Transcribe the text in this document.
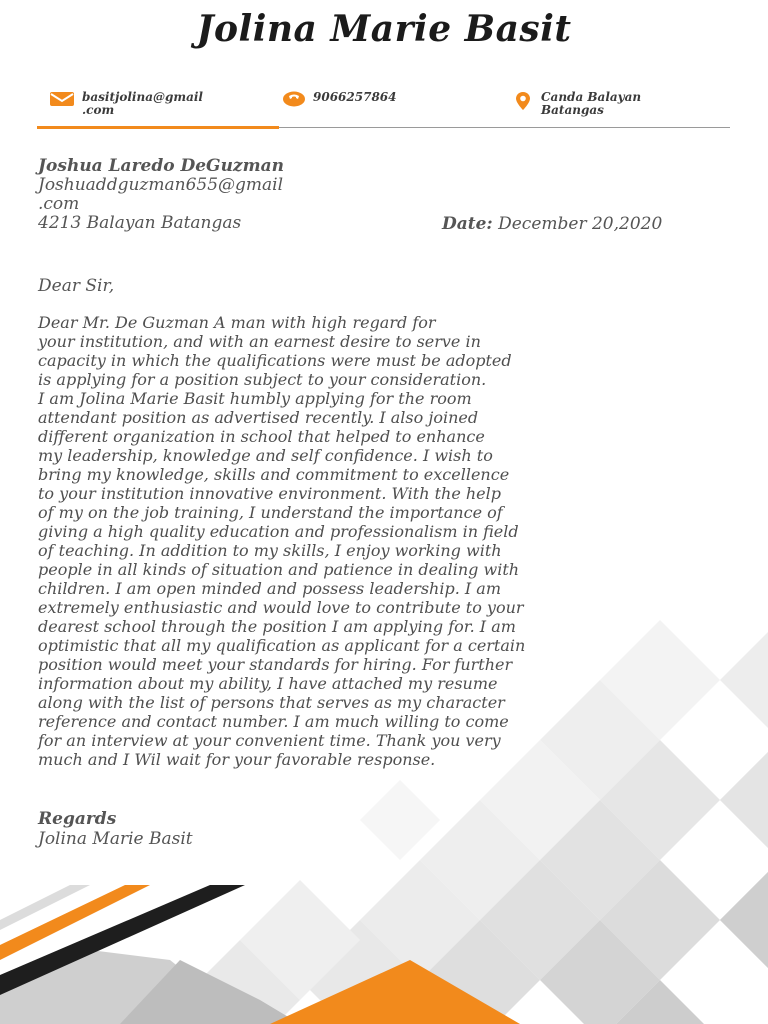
Jolina Marie Basit
basitjolina@gmail
.com
9066257864	Canda Balayan
Batangas
Joshua Laredo DeGuzman
Joshuaddguzman655@gmail
.com
4213 Balayan Batangas	Date: December 20,2020
Dear Sir,
Dear Mr. De Guzman A man with high regard for
your institution, and with an earnest desire to serve in
capacity in which the qualifications were must be adopted
is applying for a position subject to your consideration.
I am Jolina Marie Basit humbly applying for the room
attendant position as advertised recently. I also joined
different organization in school that helped to enhance
my leadership, knowledge and self confidence. I wish to
bring my knowledge, skills and commitment to excellence
to your institution innovative environment. With the help
of my on the job training, I understand the importance of
giving a high quality education and professionalism in field
of teaching. In addition to my skills, I enjoy working with
people in all kinds of situation and patience in dealing with
children. I am open minded and possess leadership. I am
extremely enthusiastic and would love to contribute to your
dearest school through the position I am applying for. I am
optimistic that all my qualification as applicant for a certain
position would meet your standards for hiring. For further
information about my ability, I have attached my resume
along with the list of persons that serves as my character
reference and contact number. I am much willing to come
for an interview at your convenient time. Thank you very
much and I Wil wait for your favorable response.
Regards
Jolina Marie Basit
